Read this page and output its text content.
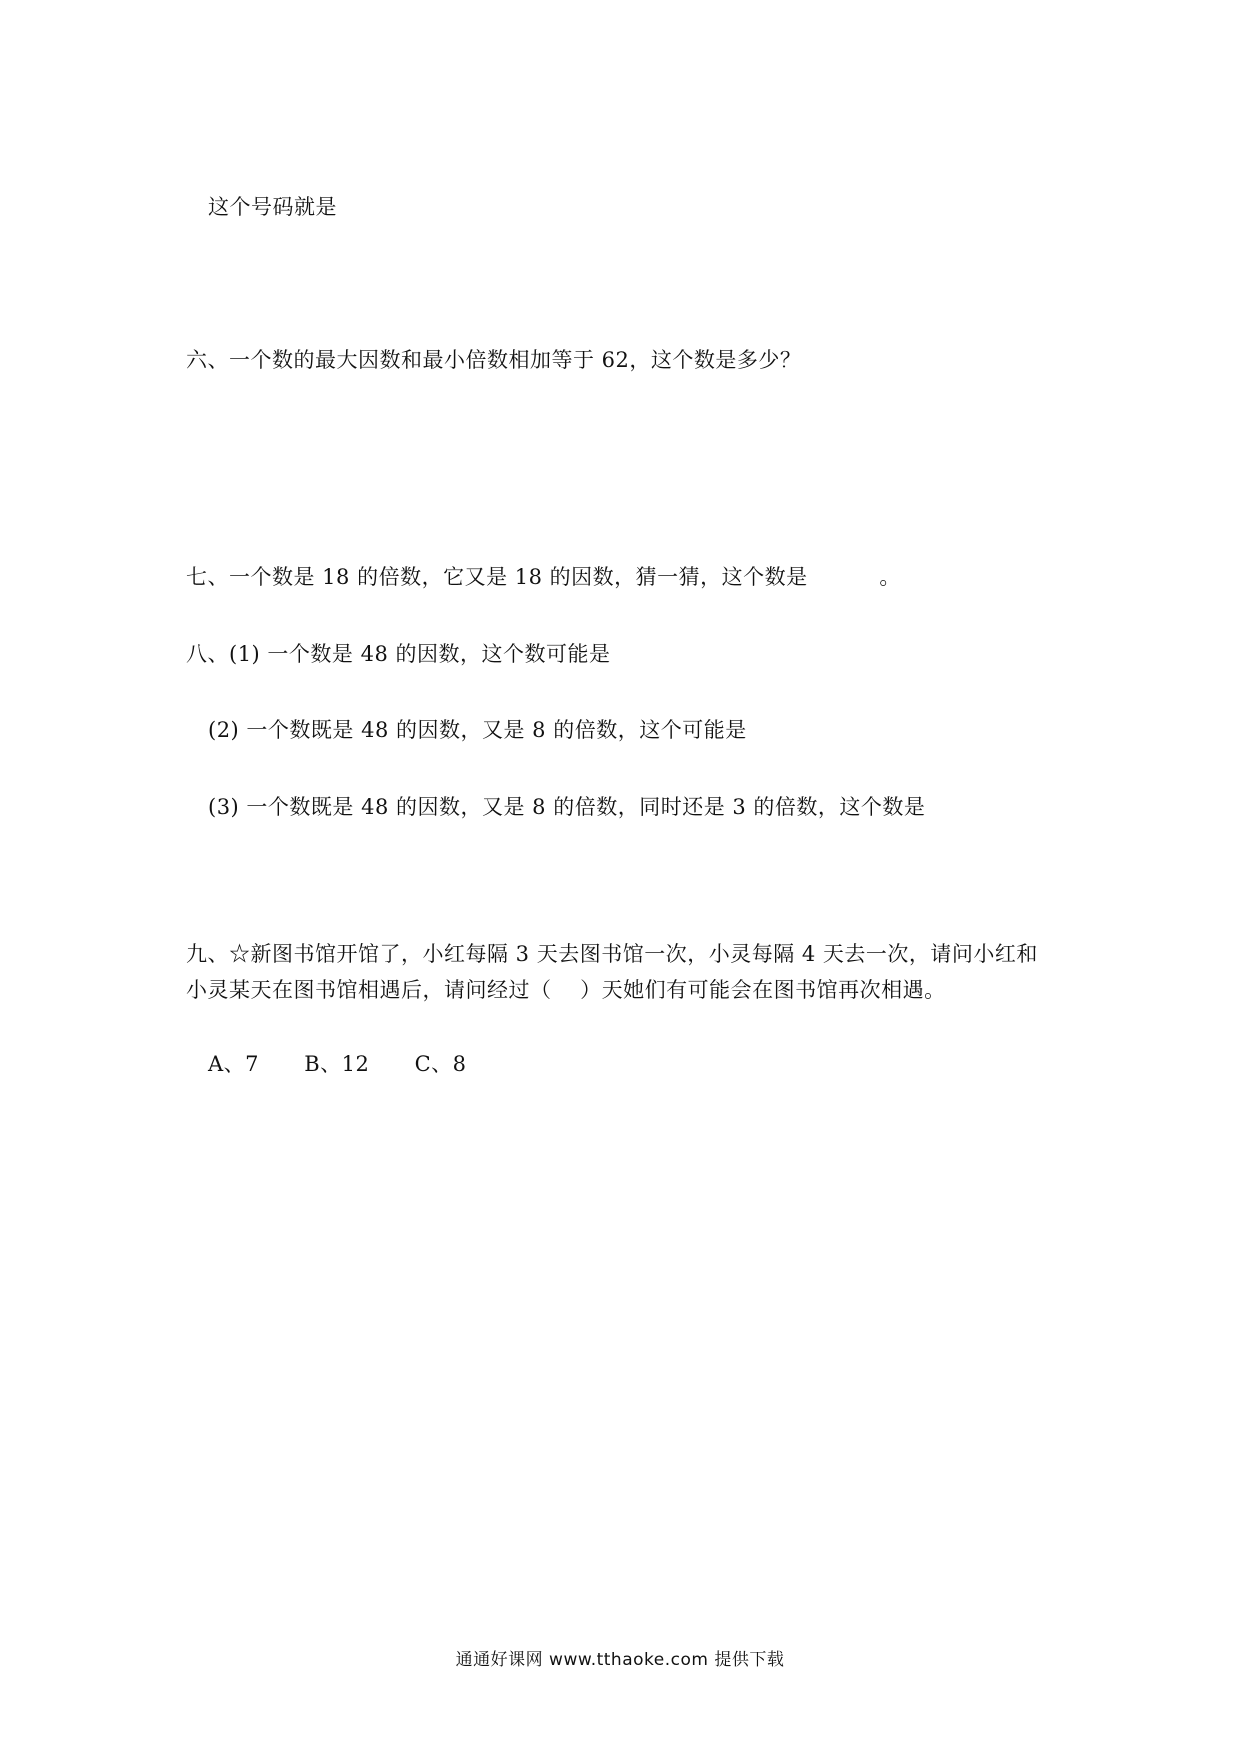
这个号码就是
六、一个数的最大因数和最小倍数相加等于 62，这个数是多少？
七、一个数是 18 的倍数，它又是 18 的因数，猜一猜，这个数是　　　 。
八、(1) 一个数是 48 的因数，这个数可能是
(2) 一个数既是 48 的因数，又是 8 的倍数，这个可能是
(3) 一个数既是 48 的因数，又是 8 的倍数，同时还是 3 的倍数，这个数是
九、☆新图书馆开馆了，小红每隔 3 天去图书馆一次，小灵每隔 4 天去一次，请问小红和
小灵某天在图书馆相遇后，请问经过（　 ）天她们有可能会在图书馆再次相遇。
A、7 B、12 C、8
通通好课网 www.tthaoke.com 提供下载
